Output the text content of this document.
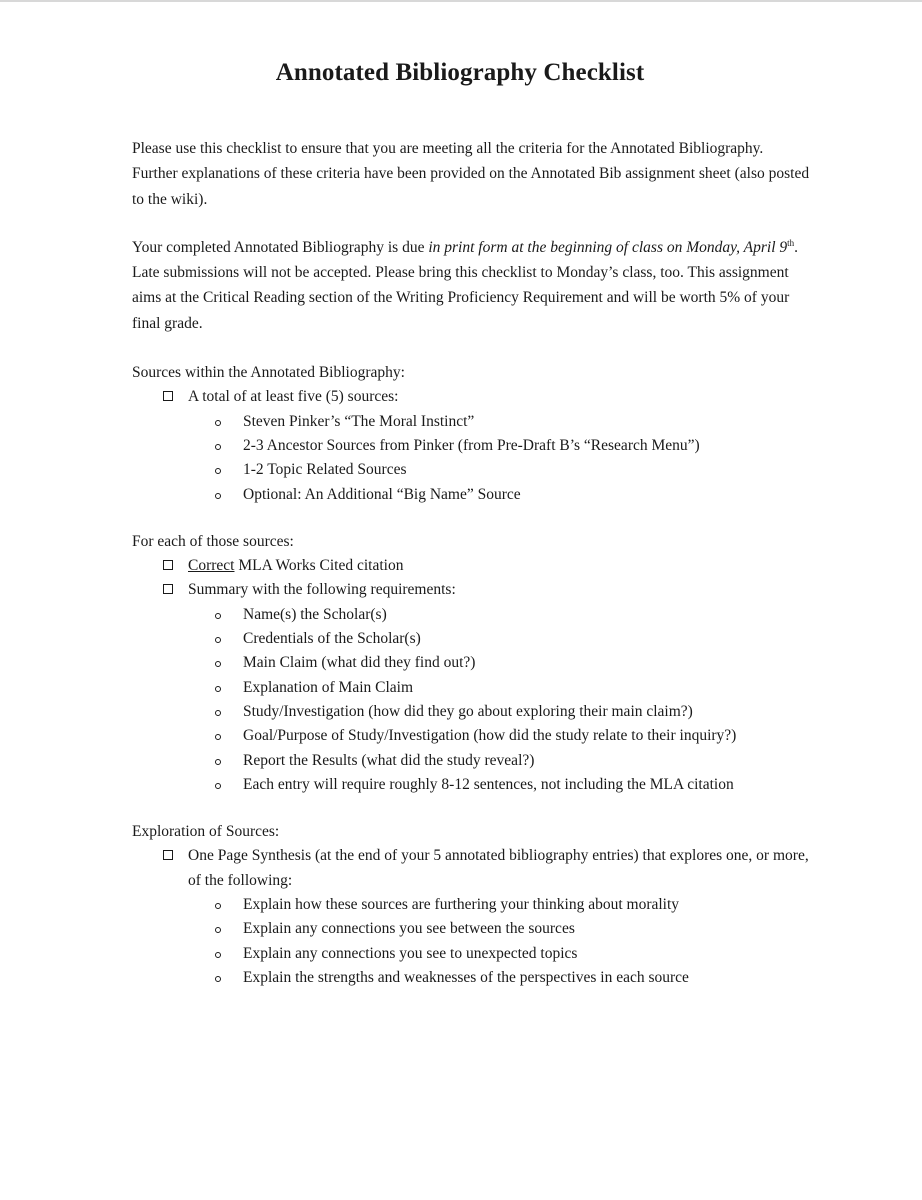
Annotated Bibliography Checklist

Please use this checklist to ensure that you are meeting all the criteria for the Annotated Bibliography. Further explanations of these criteria have been provided on the Annotated Bib assignment sheet (also posted to the wiki).

Your completed Annotated Bibliography is due in print form at the beginning of class on Monday, April 9th. Late submissions will not be accepted. Please bring this checklist to Monday’s class, too. This assignment aims at the Critical Reading section of the Writing Proficiency Requirement and will be worth 5% of your final grade.

Sources within the Annotated Bibliography:

A total of at least five (5) sources:
Steven Pinker’s “The Moral Instinct”
2-3 Ancestor Sources from Pinker (from Pre-Draft B’s “Research Menu”)
1-2 Topic Related Sources
Optional: An Additional “Big Name” Source

For each of those sources:

Correct MLA Works Cited citation
Summary with the following requirements:
Name(s) the Scholar(s)
Credentials of the Scholar(s)
Main Claim (what did they find out?)
Explanation of Main Claim
Study/Investigation (how did they go about exploring their main claim?)
Goal/Purpose of Study/Investigation (how did the study relate to their inquiry?)
Report the Results (what did the study reveal?)
Each entry will require roughly 8-12 sentences, not including the MLA citation

Exploration of Sources:

One Page Synthesis (at the end of your 5 annotated bibliography entries) that explores one, or more, of the following:
Explain how these sources are furthering your thinking about morality
Explain any connections you see between the sources
Explain any connections you see to unexpected topics
Explain the strengths and weaknesses of the perspectives in each source
